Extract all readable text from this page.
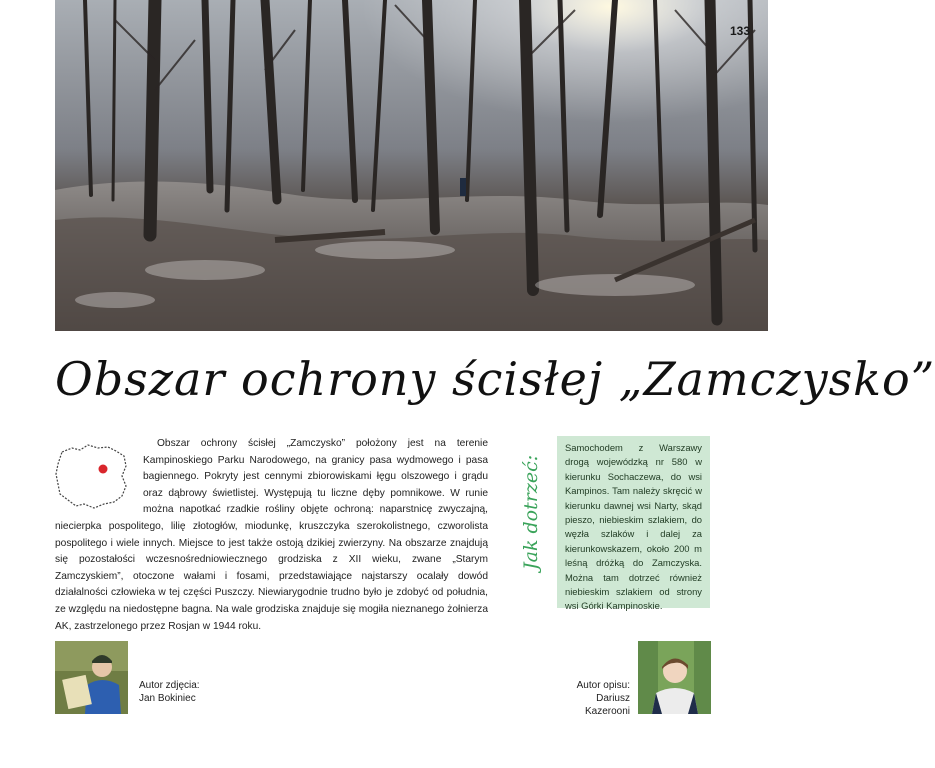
133
Obszar ochrony ścisłej „Zamczysko”

Obszar ochrony ścisłej „Zamczysko” położony jest na terenie Kampinoskiego Parku Narodowego, na granicy pasa wydmowego i pasa bagiennego. Pokryty jest cennymi zbiorowiskami łęgu olszowego i grądu oraz dąbrowy świetlistej. Występują tu liczne dęby pomnikowe. W runie można napotkać rzadkie rośliny objęte ochroną: naparstnicę zwyczajną, niecierpka pospolitego, lilię złotogłów, miodunkę, kruszczyka szerokolistnego, czworolista pospolitego i wiele innych. Miejsce to jest także ostoją dzikiej zwierzyny. Na obszarze znajdują się pozostałości wczesnośredniowiecznego grodziska z XII wieku, zwane „Starym Zamczyskiem”, otoczone wałami i fosami, przedstawiające najstarszy ocalały dowód działalności człowieka w tej części Puszczy. Niewiarygodnie trudno było je zdobyć od południa, ze względu na niedostępne bagna. Na wale grodziska znajduje się mogiła nieznanego żołnierza AK, zastrzelonego przez Rosjan w 1944 roku.

Jak dotrzeć:
Samochodem z Warszawy drogą wojewódzką nr 580 w kierunku Sochaczewa, do wsi Kampinos. Tam należy skręcić w kierunku dawnej wsi Narty, skąd pieszo, niebieskim szlakiem, do węzła szlaków i dalej za kierunkowskazem, około 200 m leśną dróżką do Zamczyska. Można tam dotrzeć również niebieskim szlakiem od strony wsi Górki Kampinoskie.
Autor zdjęcia:
Jan Bokiniec
Autor opisu:
Dariusz Kazerooni
